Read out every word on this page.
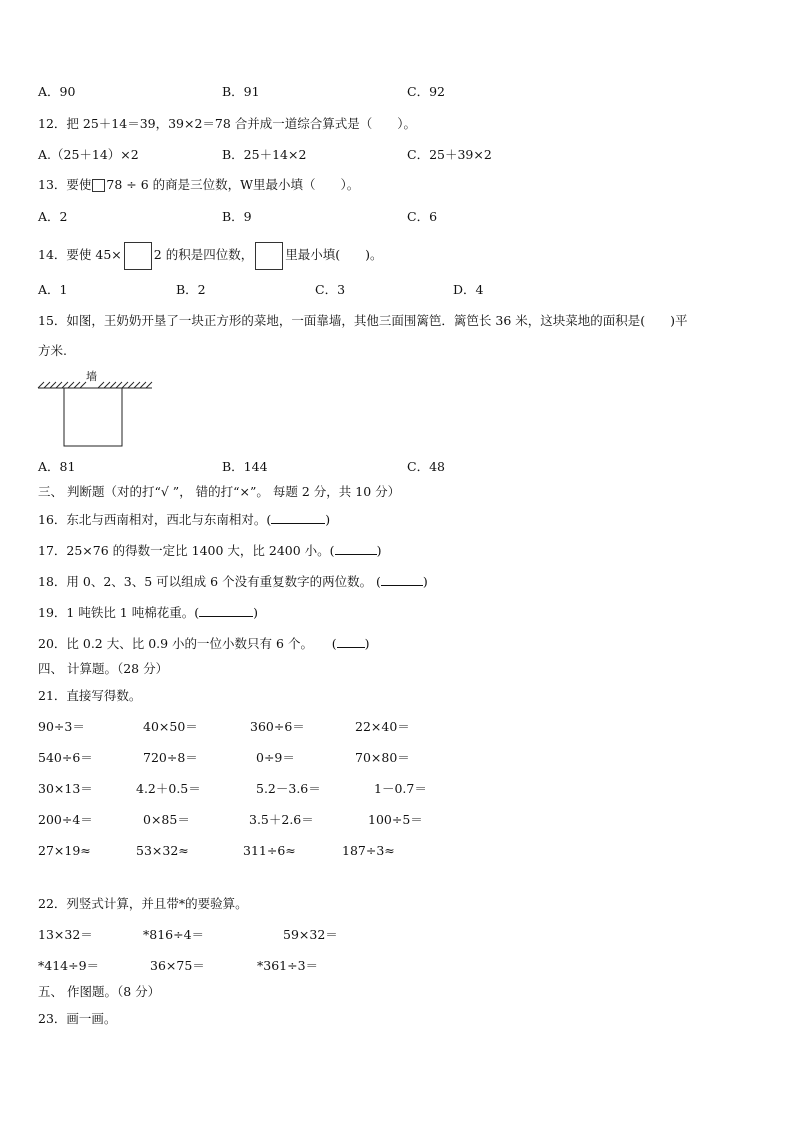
A．90	B．91	C．92
12．把 25＋14＝39，39×2＝78 合并成一道综合算式是（　　）。
A.（25＋14）×2	B．25＋14×2	C．25＋39×2
13．要使 78 ÷ 6 的商是三位数，W里最小填（　　）。
A．2	B．9	C．6
14．要使 45×	2 的积是四位数，	里最小填(　　)。
A．1	B．2	C．3	D．4
15．如图，王奶奶开垦了一块正方形的菜地，一面靠墙，其他三面围篱笆．篱笆长 36 米，这块菜地的面积是(　　)平
方米.
墙
A．81	B．144	C．48
三、 判断题（对的打“√ ”， 错的打“×”。 每题 2 分，共 10 分）
16．东北与西南相对，西北与东南相对。(	)
17．25×76 的得数一定比 1400 大，比 2400 小。(	)
18．用 0、2、3、5 可以组成 6 个没有重复数字的两位数。 (	)
19．1 吨铁比 1 吨棉花重。(	)
20．比 0.2 大、比 0.9 小的一位小数只有 6 个。　　( )
四、 计算题。（28 分）
21．直接写得数。
90÷3＝	40×50＝	360÷6＝	22×40＝
540÷6＝	720÷8＝	0÷9＝	70×80＝
30×13＝	4.2＋0.5＝	5.2－3.6＝	1－0.7＝
200÷4＝	0×85＝	3.5＋2.6＝	100÷5＝
27×19≈	53×32≈	311÷6≈	187÷3≈
22．列竖式计算，并且带*的要验算。
13×32＝	*816÷4＝	59×32＝
*414÷9＝	36×75＝	*361÷3＝
五、 作图题。（8 分）
23．画一画。
